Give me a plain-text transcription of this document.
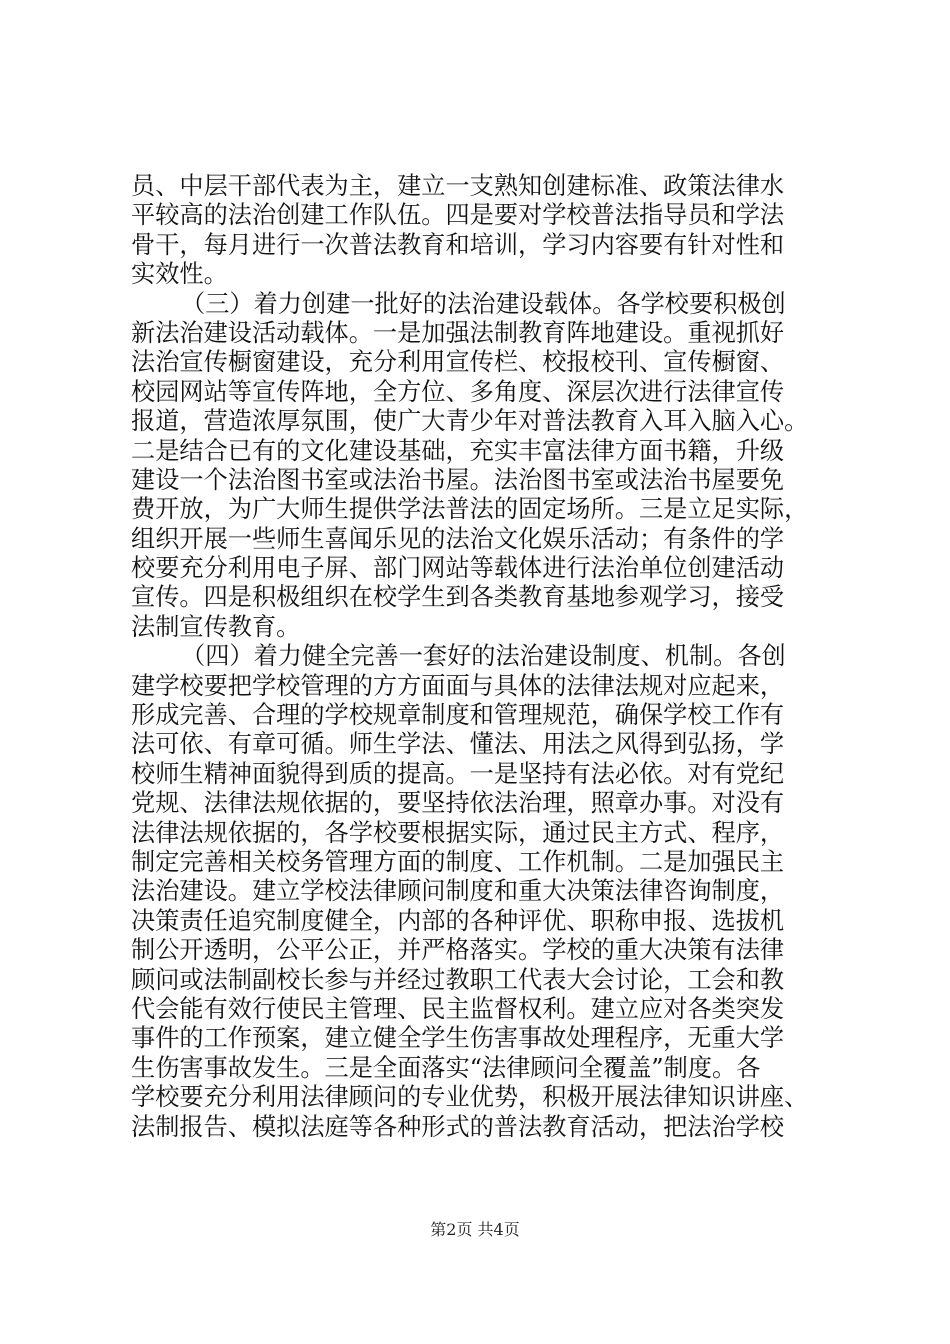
员、中层干部代表为主，建立一支熟知创建标准、政策法律水
平较高的法治创建工作队伍。四是要对学校普法指导员和学法
骨干，每月进行一次普法教育和培训，学习内容要有针对性和
实效性。
（三）着力创建一批好的法治建设载体。各学校要积极创
新法治建设活动载体。一是加强法制教育阵地建设。重视抓好
法治宣传橱窗建设，充分利用宣传栏、校报校刊、宣传橱窗、
校园网站等宣传阵地，全方位、多角度、深层次进行法律宣传
报道，营造浓厚氛围，使广大青少年对普法教育入耳入脑入心。
二是结合已有的文化建设基础，充实丰富法律方面书籍，升级
建设一个法治图书室或法治书屋。法治图书室或法治书屋要免
费开放，为广大师生提供学法普法的固定场所。三是立足实际，
组织开展一些师生喜闻乐见的法治文化娱乐活动；有条件的学
校要充分利用电子屏、部门网站等载体进行法治单位创建活动
宣传。四是积极组织在校学生到各类教育基地参观学习，接受
法制宣传教育。
（四）着力健全完善一套好的法治建设制度、机制。各创
建学校要把学校管理的方方面面与具体的法律法规对应起来，
形成完善、合理的学校规章制度和管理规范，确保学校工作有
法可依、有章可循。师生学法、懂法、用法之风得到弘扬，学
校师生精神面貌得到质的提高。一是坚持有法必依。对有党纪
党规、法律法规依据的，要坚持依法治理，照章办事。对没有
法律法规依据的，各学校要根据实际，通过民主方式、程序，
制定完善相关校务管理方面的制度、工作机制。二是加强民主
法治建设。建立学校法律顾问制度和重大决策法律咨询制度，
决策责任追究制度健全，内部的各种评优、职称申报、选拔机
制公开透明，公平公正，并严格落实。学校的重大决策有法律
顾问或法制副校长参与并经过教职工代表大会讨论，工会和教
代会能有效行使民主管理、民主监督权利。建立应对各类突发
事件的工作预案，建立健全学生伤害事故处理程序，无重大学
生伤害事故发生。三是全面落实“法律顾问全覆盖”制度。各
学校要充分利用法律顾问的专业优势，积极开展法律知识讲座、
法制报告、模拟法庭等各种形式的普法教育活动，把法治学校
第2页 共4页
